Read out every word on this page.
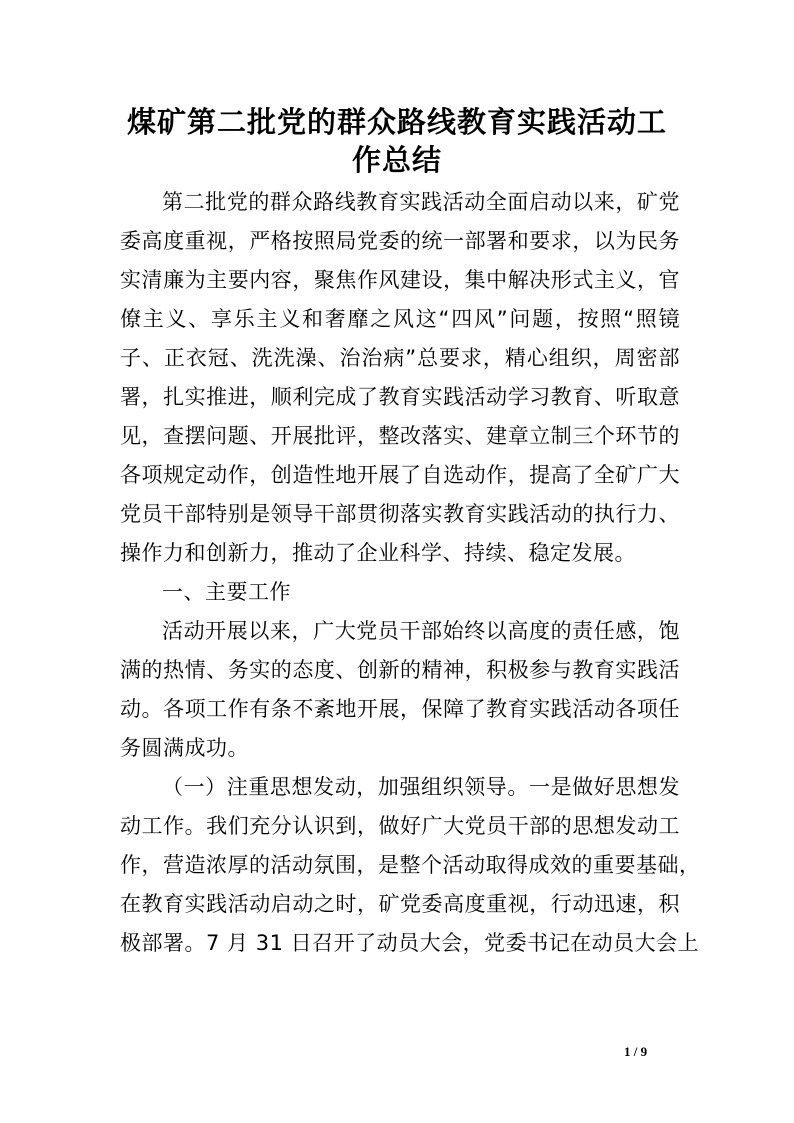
煤矿第二批党的群众路线教育实践活动工
作总结
第二批党的群众路线教育实践活动全面启动以来，矿党
委高度重视，严格按照局党委的统一部署和要求，以为民务
实清廉为主要内容，聚焦作风建设，集中解决形式主义，官
僚主义、享乐主义和奢靡之风这“四风”问题，按照“照镜
子、正衣冠、洗洗澡、治治病”总要求，精心组织，周密部
署，扎实推进，顺利完成了教育实践活动学习教育、听取意
见，查摆问题、开展批评，整改落实、建章立制三个环节的
各项规定动作，创造性地开展了自选动作，提高了全矿广大
党员干部特别是领导干部贯彻落实教育实践活动的执行力、
操作力和创新力，推动了企业科学、持续、稳定发展。
一、主要工作
活动开展以来，广大党员干部始终以高度的责任感，饱
满的热情、务实的态度、创新的精神，积极参与教育实践活
动。各项工作有条不紊地开展，保障了教育实践活动各项任
务圆满成功。
（一）注重思想发动，加强组织领导。一是做好思想发
动工作。我们充分认识到，做好广大党员干部的思想发动工
作，营造浓厚的活动氛围，是整个活动取得成效的重要基础，
在教育实践活动启动之时，矿党委高度重视，行动迅速，积
极部署。7 月 31 日召开了动员大会，党委书记在动员大会上
1 / 9
